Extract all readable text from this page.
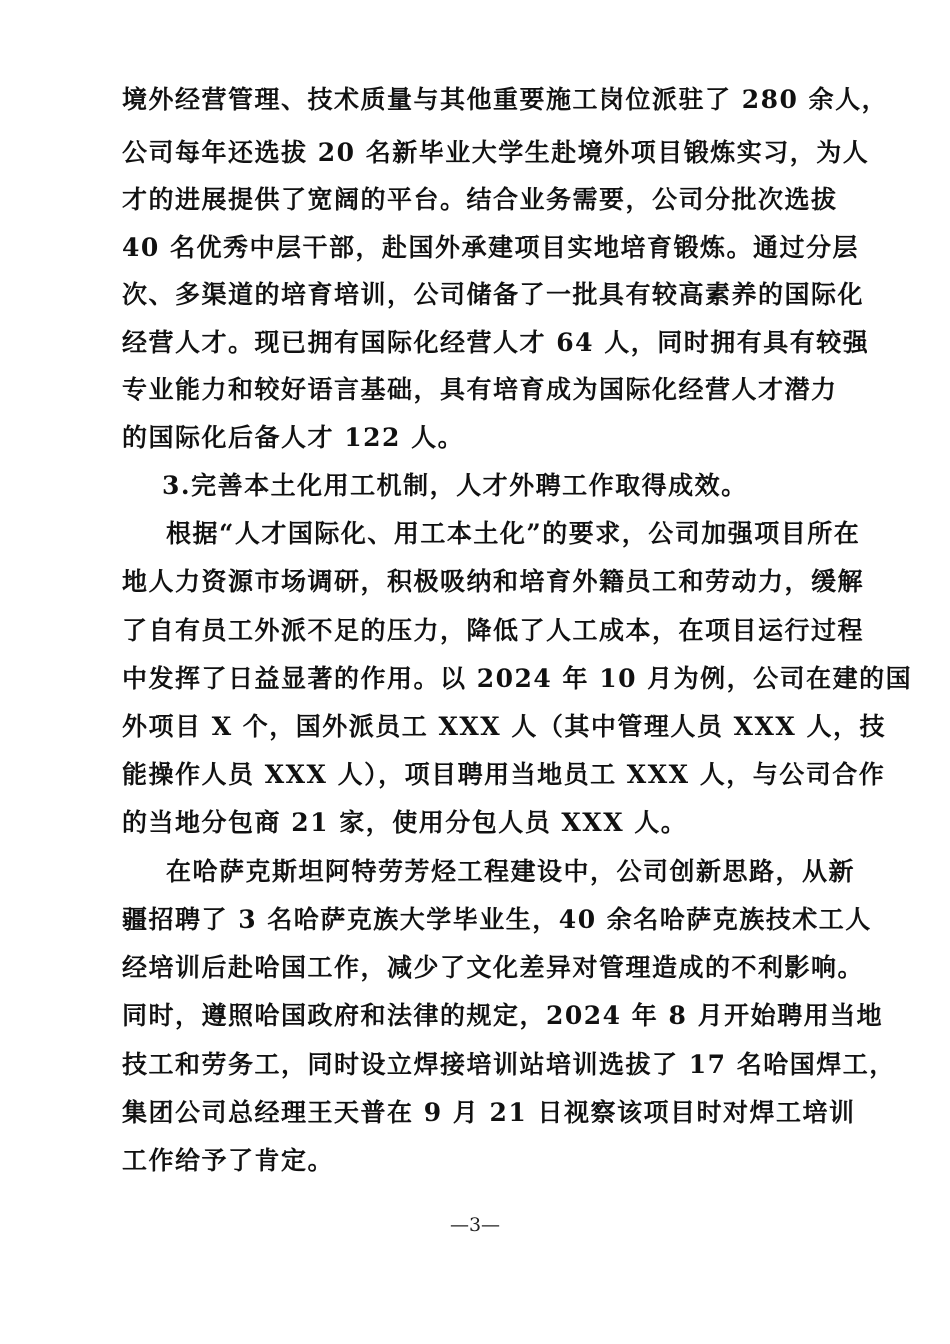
境外经营管理、技术质量与其他重要施工岗位派驻了 280 余人，
公司每年还选拔 20 名新毕业大学生赴境外项目锻炼实习，为人
才的进展提供了宽阔的平台。结合业务需要，公司分批次选拔
40 名优秀中层干部，赴国外承建项目实地培育锻炼。通过分层
次、多渠道的培育培训，公司储备了一批具有较高素养的国际化
经营人才。现已拥有国际化经营人才 64 人，同时拥有具有较强
专业能力和较好语言基础，具有培育成为国际化经营人才潜力
的国际化后备人才 122 人。
3.完善本土化用工机制，人才外聘工作取得成效。
根据“人才国际化、用工本土化”的要求，公司加强项目所在
地人力资源市场调研，积极吸纳和培育外籍员工和劳动力，缓解
了自有员工外派不足的压力，降低了人工成本，在项目运行过程
中发挥了日益显著的作用。以 2024 年 10 月为例，公司在建的国
外项目 X 个，国外派员工 XXX 人（其中管理人员 XXX 人，技
能操作人员 XXX 人），项目聘用当地员工 XXX 人，与公司合作
的当地分包商 21 家，使用分包人员 XXX 人。
在哈萨克斯坦阿特劳芳烃工程建设中，公司创新思路，从新
疆招聘了 3 名哈萨克族大学毕业生，40 余名哈萨克族技术工人
经培训后赴哈国工作，减少了文化差异对管理造成的不利影响。
同时，遵照哈国政府和法律的规定，2024 年 8 月开始聘用当地
技工和劳务工，同时设立焊接培训站培训选拔了 17 名哈国焊工，
集团公司总经理王天普在 9 月 21 日视察该项目时对焊工培训
工作给予了肯定。
—3—
